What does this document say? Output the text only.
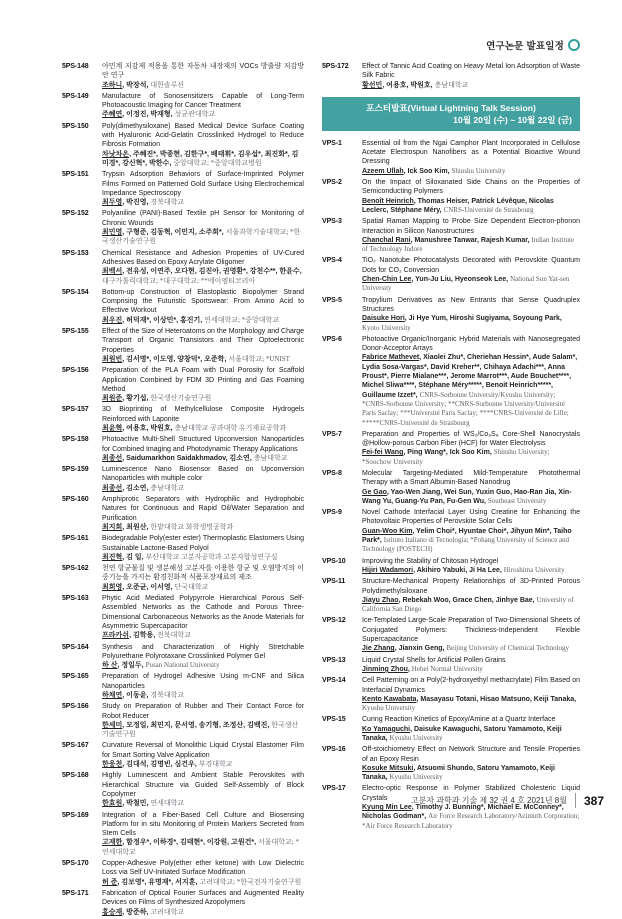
연구논문 발표일정
5PS-148	아민계 저감제 적용을 통한 자동차 내장재의 VOCs 방출량 저감방안 연구
조하니, 박장석, 대한솔루션
5PS-149	Manufacture of Sonosensitizers Capable of Long-Term Photoacoustic Imaging for Cancer Treatment
주혜연, 이정진, 박재형, 성균관대학교
5PS-150	Poly(dimethysiloxane) Based Medical Device Surface Coating with Hyaluronic Acid-Gelatin Crosslinked Hydrogel to Reduce Fibrosis Formation
차낫차온, 주혜진*, 박종현, 김한구*, 배태휘*, 김우섭*, 최진화*, 김미경*, 강신혁*, 박한수, 중앙대학교; *중앙대학교병원
5PS-151	Trypsin Adsorption Behaviors of Surface-Imprinted Polymer Films Formed on Patterned Gold Surface Using Electrochemical Impedance Spectroscopy
최두영, 박진영, 경북대학교
5PS-152	Polyaniline (PANI)-Based Textile pH Sensor for Monitoring of Chronic Wounds
최민영, 구형준, 김동혁, 이민지, 소주희*, 서울과학기술대학교; *한국생산기술연구원
5PS-153	Chemical Resistance and Adhesion Properties of UV-Cured Adhesives Based on Epoxy Acrylate Oligomer
최백서, 전유성, 이연주, 오다현, 김진아, 권영환*, 강천수**, 한윤수, 대구가톨릭대학교; *대구대학교; **에이엠티코리아
5PS-154	Bottom-up Construction of Elastoplastic Biopolymer Strand Comprising the Futuristic Sportswear: From Amino Acid to Effective Workout
최우진, 허덕재*, 이상민*, 홍진기, 연세대학교; *중앙대학교
5PS-155	Effect of the Size of Heteroatoms on the Morphology and Charge Transport of Organic Transistors and Their Optoelectronic Properties
최원빈, 김서명*, 이도영, 양창덕*, 오준학, 서울대학교; *UNIST
5PS-156	Preparation of the PLA Foam with Dual Porosity for Scaffold Application Combined by FDM 3D Printing and Gas Foaming Method
최원준, 황기섭, 한국생산기술연구원
5PS-157	3D Bioprinting of Methylcellulose Composite Hydrogels Reinforced with Laponite
최윤혁, 여용호, 박원호, 충남대학교 공과대학 유기재료공학과
5PS-158	Photoactive Multi-Shell Structured Upconversion Nanoparticles for Combined Imaging and Photodynamic Therapy Applications
최종선, Saidumarkhon Saidakhmadov, 김소연, 충남대학교
5PS-159	Luminescence Nano Biosensor Based on Upconversion Nanoparticles with multiple color
최종선, 김소연, 충남대학교
5PS-160	Amphiprotic Separators with Hydrophilic and Hydrophobic Natures for Continuous and Rapid Oil/Water Separation and Purification
최지희, 최원산, 한밭대학교 화학생명공학과
5PS-161	Biodegradable Poly(ester ester) Thermoplastic Elastomers Using Sustainable Lactone-Based Polyol
최진혁, 김 일, 부산대학교 고분자공학과 고분자합성연구실
5PS-162	천연 항균물질 및 생분해성 고분자를 이용한 항균 및 오염방지의 이중기능을 가지는 환경친화적 식품포장재료의 제조
최희영, 오준균, 이서영, 단국대학교
5PS-163	Phytic Acid Mediated Polypyrrole Hierarchical Porous Self-Assembled Networks as the Cathode and Porous Three-Dimensional Carbonaceous Networks as the Anode Materials for Asymmetric Supercapacitor
프라카쉬, 김학용, 전북대학교
5PS-164	Synthesis and Characterization of Highly Stretchable Polyurethane Polyrotaxane Crosslinked Polymer Gel
하 산, 정일두, Pusan National University
5PS-165	Preparation of Hydrogel Adhesive Using m-CNF and Silica Nanoparticles
하채연, 이동윤, 경북대학교
5PS-166	Study on Preparation of Rubber and Their Contact Force for Robot Reducer
한세미, 모정일, 최민지, 문서영, 송기형, 조정산, 김백진, 한국생산기술연구원
5PS-167	Curvature Reversal of Monolithic Liquid Crystal Elastomer Film for Smart Sorting Valve Application
한웅천, 김대석, 김명빈, 심건우, 부경대학교
5PS-168	Highly Luminescent and Ambient Stable Perovskites with Hierarchical Structure via Guided Self-Assembly of Block Copolymer
한효원, 박철민, 연세대학교
5PS-169	Integration of a Fiber-Based Cell Culture and Biosensing Platform for in situ Monitoring of Protein Markers Secreted from Stem Cells
고재한, 함정우*, 이하경*, 김태현*, 이강원, 고원건*, 서울대학교; *연세대학교
5PS-170	Copper-Adhesive Poly(ether ether ketone) with Low Dielectric Loss via Self UV-Initiated Surface Modification
허 준, 김보영*, 유명재*, 서지훈, 고려대학교; *한국전자기술연구원
5PS-171	Fabrication of Optical Fourier Surfaces and Augmented Reality Devices on Films of Synthesized Azopolymers
홍승재, 방준하, 고려대학교
5PS-172	Effect of Tannic Acid Coating on Heavy Metal Ion Adsorption of Waste Silk Fabric
황선민, 여용호, 박원호, 충남대학교
포스터발표(Virtual Lightning Talk Session)
10월 20일 (수) ~ 10월 22일 (금)
VPS-1	Essential oil from the Ngai Camphor Plant Incorporated in Cellulose Acetate Electrospun Nanofibers as a Potential Bioactive Wound Dressing
Azeem Ullah, Ick Soo Kim, Shinshu University
VPS-2	On the Impact of Siloxanated Side Chains on the Properties of Semiconducting Polymers
Benoît Heinrich, Thomas Heiser, Patrick Lévêque, Nicolas Leclerc, Stéphane Méry, CNRS-Université de Strasbourg
VPS-3	Spatial Raman Mapping to Probe Size Dependent Electron-phonon Interaction in Silicon Nanostructures
Chanchal Rani, Manushree Tanwar, Rajesh Kumar, Indian Institute of Technology Indore
VPS-4	TiO₂ Nanotube Photocatalysts Decorated with Perovskite Quantum Dots for CO₂ Conversion
Chen-Chin Lee, Yun-Ju Liu, Hyeonseok Lee, National Sun Yat-sen University
VPS-5	Tropylium Derivatives as New Entrants that Sense Quadruplex Structures
Daisuke Hori, Ji Hye Yum, Hiroshi Sugiyama, Soyoung Park, Kyoto University
VPS-6	Photoactive Organic/Inorganic Hybrid Materials with Nanosegregated Donor-Acceptor Arrays
Fabrice Mathevet, Xiaolei Zhu*, Cheriehan Hessin*, Aude Salam*, Lydia Sosa-Vargas*, David Kreher**, Chihaya Adachi***, Anna Proust*, Pierre Mialane***, Jerome Marrot***, Aude Bouchet****, Michel Sliwa****, Stéphane Méry*****, Benoit Heinrich*****, Guillaume Izzet*, CNRS-Sorbonne University/Kyushu University; *CNRS-Sorbonne University; **CNRS-Sorbonne University/Université Paris Saclay; ***Université Paris Saclay; ****CNRS-Université de Lille; *****CNRS-Université de Strasbourg
VPS-7	Preparation and Properties of WS₂/Co₉S₈ Core-Shell Nanocrystals @Hollow-porous Carbon Fiber (HCF) for Water Electrolysis
Fei-fei Wang, Ping Wang*, Ick Soo Kim, Shinshu University; *Soochow University
VPS-8	Molecular Targeting-Mediated Mild-Temperature Photothermal Therapy with a Smart Albumin-Based Nanodrug
Ge Gao, Yao-Wen Jiang, Wei Sun, Yuxin Guo, Hao-Ran Jia, Xin-Wang Yu, Guang-Yu Pan, Fu-Gen Wu, Southeast University
VPS-9	Novel Cathode Interfacial Layer Using Creatine for Enhancing the Photovoltaic Properties of Perovskite Solar Cells
Guan-Woo Kim, Yelim Choi*, Hyuntae Choi*, Jihyun Min*, Taiho Park*, Istituto Italiano di Tecnologia; *Pohang University of Science and Technology (POSTECH)
VPS-10	Improving the Stability of Chitosan Hydrogel
Hijiri Wadamori, Akihiro Yabuki, Ji Ha Lee, Hiroshima University
VPS-11	Structure-Mechanical Property Relationships of 3D-Printed Porous Polydimethylsiloxane
Jiayu Zhao, Rebekah Woo, Grace Chen, Jinhye Bae, University of California San Diego
VPS-12	Ice-Templated Large-Scale Preparation of Two-Dimensional Sheets of Conjugated Polymers: Thickness-Independent Flexible Supercapacitance
Jie Zhang, Jianxin Geng, Beijing University of Chemical Technology
VPS-13	Liquid Crystal Shells for Artificial Pollen Grains
Jinming Zhou, Hebei Normal University
VPS-14	Cell Patterning on a Poly(2-hydroxyethyl methacrylate) Film Based on Interfacial Dynamics
Kento Kawabata, Masayasu Totani, Hisao Matsuno, Keiji Tanaka, Kyushu University
VPS-15	Curing Reaction Kinetics of Epoxy/Amine at a Quartz Interface
Ko Yamaguchi, Daisuke Kawaguchi, Satoru Yamamoto, Keiji Tanaka, Kyushu University
VPS-16	Off-stoichiometry Effect on Network Structure and Tensile Properties of an Epoxy Resin
Kosuke Mitsuki, Atsuomi Shundo, Satoru Yamamoto, Keiji Tanaka, Kyushu University
VPS-17	Electro-optic Response in Polymer Stabilized Cholesteric Liquid Crystals
Kyung Min Lee, Timothy J. Bunning*, Michael E. McConney*, Nicholas Godman*, Air Force Research Laboratory/Azimuth Corporation; *Air Force Research Laboratory
고분자 과학과 기술 제 32 권 4 호 2021년 8월 387
